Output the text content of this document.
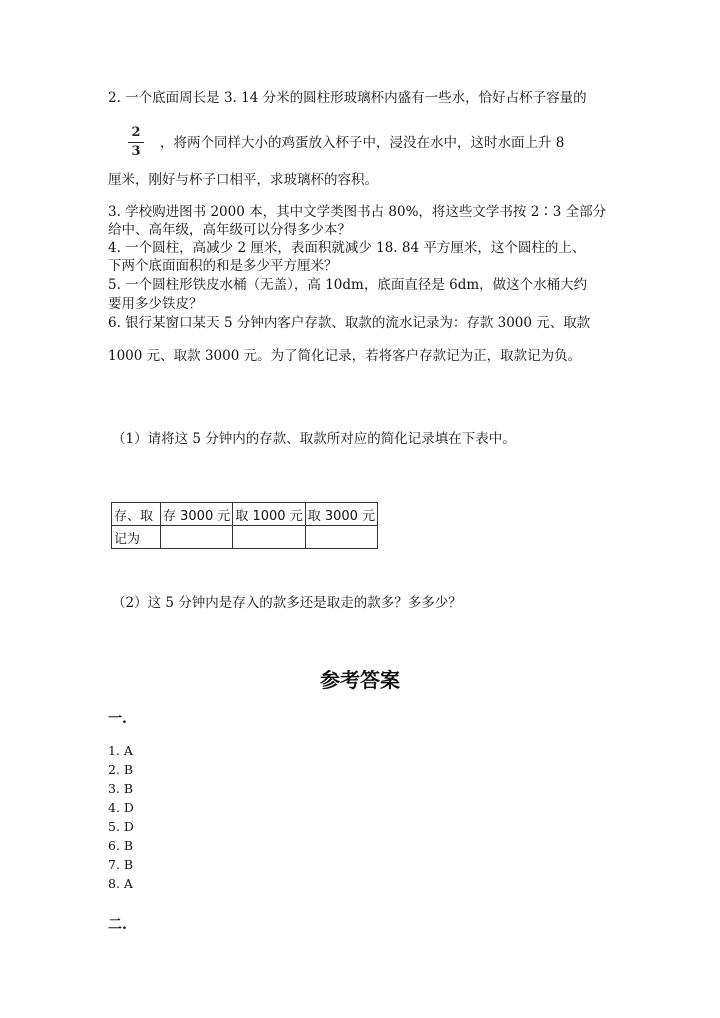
2. 一个底面周长是 3. 14 分米的圆柱形玻璃杯内盛有一些水，恰好占杯子容量的
2
3
，将两个同样大小的鸡蛋放入杯子中，浸没在水中，这时水面上升 8
厘米，刚好与杯子口相平，求玻璃杯的容积。
3. 学校购进图书 2000 本，其中文学类图书占 80%，将这些文学书按 2∶3 全部分
给中、高年级，高年级可以分得多少本？
4. 一个圆柱，高减少 2 厘米，表面积就减少 18. 84 平方厘米，这个圆柱的上、
下两个底面面积的和是多少平方厘米？
5. 一个圆柱形铁皮水桶（无盖），高 10dm，底面直径是 6dm，做这个水桶大约
要用多少铁皮？
6. 银行某窗口某天 5 分钟内客户存款、取款的流水记录为：存款 3000 元、取款
1000 元、取款 3000 元。为了简化记录，若将客户存款记为正，取款记为负。
（1）请将这 5 分钟内的存款、取款所对应的简化记录填在下表中。
存、取	存 3000 元	取 1000 元	取 3000 元
记为			
（2）这 5 分钟内是存入的款多还是取走的款多？多多少？
参考答案
一.
1. A
2. B
3. B
4. D
5. D
6. B
7. B
8. A
二.
